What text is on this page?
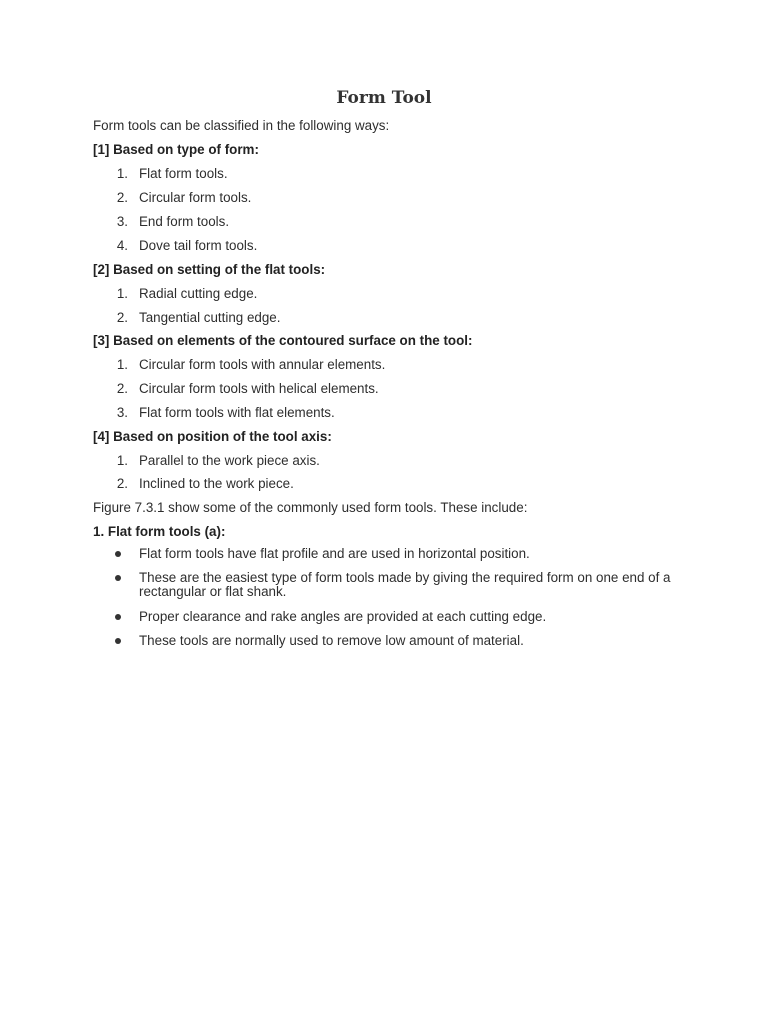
Form Tool
Form tools can be classified in the following ways:
[1] Based on type of form:
1. Flat form tools.
2. Circular form tools.
3. End form tools.
4. Dove tail form tools.
[2] Based on setting of the flat tools:
1. Radial cutting edge.
2. Tangential cutting edge.
[3] Based on elements of the contoured surface on the tool:
1. Circular form tools with annular elements.
2. Circular form tools with helical elements.
3. Flat form tools with flat elements.
[4] Based on position of the tool axis:
1. Parallel to the work piece axis.
2. Inclined to the work piece.
Figure 7.3.1 show some of the commonly used form tools. These include:
1. Flat form tools (a):
Flat form tools have flat profile and are used in horizontal position.
These are the easiest type of form tools made by giving the required form on one end of a rectangular or flat shank.
Proper clearance and rake angles are provided at each cutting edge.
These tools are normally used to remove low amount of material.
